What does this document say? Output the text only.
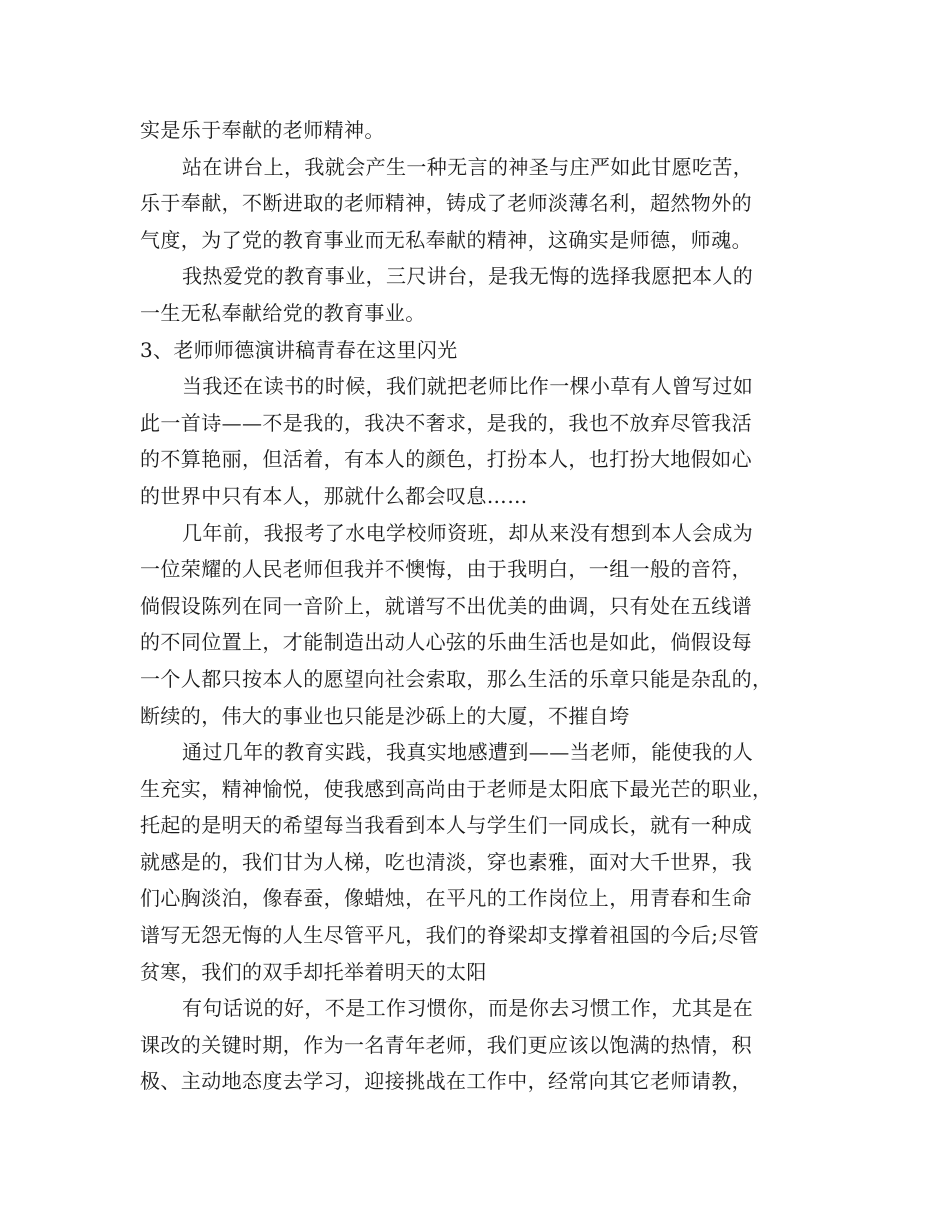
实是乐于奉献的老师精神。
站在讲台上，我就会产生一种无言的神圣与庄严如此甘愿吃苦，
乐于奉献，不断进取的老师精神，铸成了老师淡薄名利，超然物外的
气度，为了党的教育事业而无私奉献的精神，这确实是师德，师魂。
我热爱党的教育事业，三尺讲台，是我无悔的选择我愿把本人的
一生无私奉献给党的教育事业。
3、老师师德演讲稿青春在这里闪光
当我还在读书的时候，我们就把老师比作一棵小草有人曾写过如
此一首诗——不是我的，我决不奢求，是我的，我也不放弃尽管我活
的不算艳丽，但活着，有本人的颜色，打扮本人，也打扮大地假如心
的世界中只有本人，那就什么都会叹息……
几年前，我报考了水电学校师资班，却从来没有想到本人会成为
一位荣耀的人民老师但我并不懊悔，由于我明白，一组一般的音符，
倘假设陈列在同一音阶上，就谱写不出优美的曲调，只有处在五线谱
的不同位置上，才能制造出动人心弦的乐曲生活也是如此，倘假设每
一个人都只按本人的愿望向社会索取，那么生活的乐章只能是杂乱的，
断续的，伟大的事业也只能是沙砾上的大厦，不摧自垮
通过几年的教育实践，我真实地感遭到——当老师，能使我的人
生充实，精神愉悦，使我感到高尚由于老师是太阳底下最光芒的职业，
托起的是明天的希望每当我看到本人与学生们一同成长，就有一种成
就感是的，我们甘为人梯，吃也清淡，穿也素雅，面对大千世界，我
们心胸淡泊，像春蚕，像蜡烛，在平凡的工作岗位上，用青春和生命
谱写无怨无悔的人生尽管平凡，我们的脊梁却支撑着祖国的今后;尽管
贫寒，我们的双手却托举着明天的太阳
有句话说的好，不是工作习惯你，而是你去习惯工作，尤其是在
课改的关键时期，作为一名青年老师，我们更应该以饱满的热情，积
极、主动地态度去学习，迎接挑战在工作中，经常向其它老师请教，
